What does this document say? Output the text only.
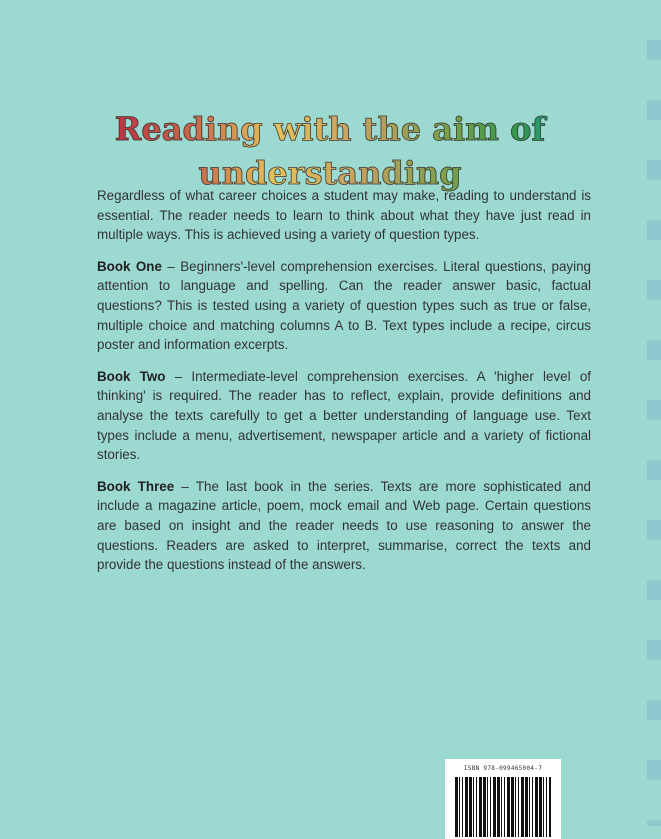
Reading with the aim of understanding

Regardless of what career choices a student may make, reading to understand is essential. The reader needs to learn to think about what they have just read in multiple ways. This is achieved using a variety of question types.

Book One – Beginners'-level comprehension exercises. Literal questions, paying attention to language and spelling. Can the reader answer basic, factual questions? This is tested using a variety of question types such as true or false, multiple choice and matching columns A to B. Text types include a recipe, circus poster and information excerpts.

Book Two – Intermediate-level comprehension exercises. A 'higher level of thinking' is required. The reader has to reflect, explain, provide definitions and analyse the texts carefully to get a better understanding of language use. Text types include a menu, advertisement, newspaper article and a variety of fictional stories.

Book Three – The last book in the series. Texts are more sophisticated and include a magazine article, poem, mock email and Web page. Certain questions are based on insight and the reader needs to use reasoning to answer the questions. Readers are asked to interpret, summarise, correct the texts and provide the questions instead of the answers.

ISBN 978-099465004-7
